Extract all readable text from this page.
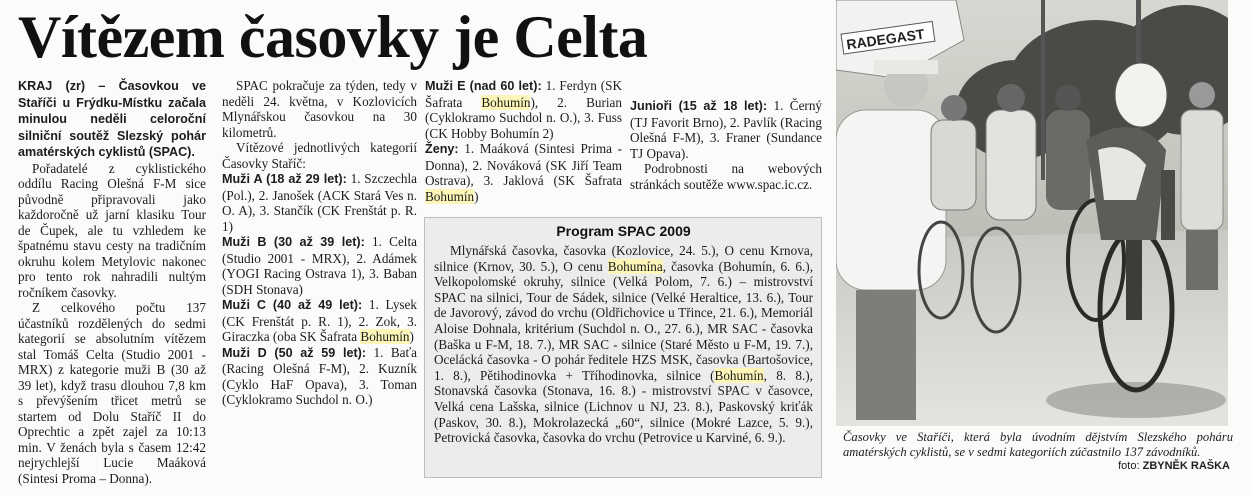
Vítězem časovky je Celta

KRAJ (zr) – Časovkou ve Staříči u Frýdku-Místku začala minulou neděli celoroční silniční soutěž Slezský pohár amatérských cyklistů (SPAC).

Pořadatelé z cyklistického oddílu Racing Olešná F-M sice původně připravovali jako každoročně už jarní klasiku Tour de Čupek, ale tu vzhledem ke špatnému stavu cesty na tradičním okruhu kolem Metylovic nakonec pro tento rok nahradili nultým ročníkem časovky.

Z celkového počtu 137 účastníků rozdělených do sedmi kategorií se absolutním vítězem stal Tomáš Celta (Studio 2001 - MRX) z kategorie muži B (30 až 39 let), když trasu dlouhou 7,8 km s převýšením třicet metrů se startem od Dolu Staříč II do Oprechtic a zpět zajel za 10:13 min. V ženách byla s časem 12:42 nejrychlejší Lucie Maáková (Sintesi Proma – Donna).

SPAC pokračuje za týden, tedy v neděli 24. května, v Kozlovicích Mlynářskou časovkou na 30 kilometrů.

Vítězové jednotlivých kategorií Časovky Staříč:

Muži A (18 až 29 let): 1. Szczechla (Pol.), 2. Janošek (ACK Stará Ves n. O. A), 3. Stančík (CK Frenštát p. R. 1)

Muži B (30 až 39 let): 1. Celta (Studio 2001 - MRX), 2. Adámek (YOGI Racing Ostrava 1), 3. Baban (SDH Stonava)

Muži C (40 až 49 let): 1. Lysek (CK Frenštát p. R. 1), 2. Zok, 3. Giraczka (oba SK Šafrata Bohumín)

Muži D (50 až 59 let): 1. Baťa (Racing Olešná F-M), 2. Kuzník (Cyklo HaF Opava), 3. Toman (Cyklokramo Suchdol n. O.)

Muži E (nad 60 let): 1. Ferdyn (SK Šafrata Bohumín), 2. Burian (Cyklokramo Suchdol n. O.), 3. Fuss (CK Hobby Bohumín 2)

Ženy: 1. Maáková (Sintesi Prima - Donna), 2. Nováková (SK Jiří Team Ostrava), 3. Jaklová (SK Šafrata Bohumín)

Junioři (15 až 18 let): 1. Černý (TJ Favorit Brno), 2. Pavlík (Racing Olešná F-M), 3. Franer (Sundance TJ Opava).

Podrobnosti na webových stránkách soutěže www.spac.ic.cz.

Program SPAC 2009
Mlynářská časovka, časovka (Kozlovice, 24. 5.), O cenu Krnova, silnice (Krnov, 30. 5.), O cenu Bohumína, časovka (Bohumín, 6. 6.), Velkopolomské okruhy, silnice (Velká Polom, 7. 6.) – mistrovství SPAC na silnici, Tour de Sádek, silnice (Velké Heraltice, 13. 6.), Tour de Javorový, závod do vrchu (Oldřichovice u Třince, 21. 6.), Memoriál Aloise Dohnala, kritérium (Suchdol n. O., 27. 6.), MR SAC - časovka (Baška u F-M, 18. 7.), MR SAC - silnice (Staré Město u F-M, 19. 7.), Ocelácká časovka - O pohár ředitele HZS MSK, časovka (Bartošovice, 1. 8.), Pětihodinovka + Tříhodinovka, silnice (Bohumín, 8. 8.), Stonavská časovka (Stonava, 16. 8.) - mistrovství SPAC v časovce, Velká cena Lašska, silnice (Lichnov u NJ, 23. 8.), Paskovský kriťák (Paskov, 30. 8.), Mokrolazecká „60“, silnice (Mokré Lazce, 5. 9.), Petrovická časovka, časovka do vrchu (Petrovice u Karviné, 6. 9.).
RADEGAST
Časovky ve Staříči, která byla úvodním dějstvím Slezského poháru amatérských cyklistů, se v sedmi kategoriích zúčastnilo 137 závodníků.
foto: ZBYNĚK RAŠKA
